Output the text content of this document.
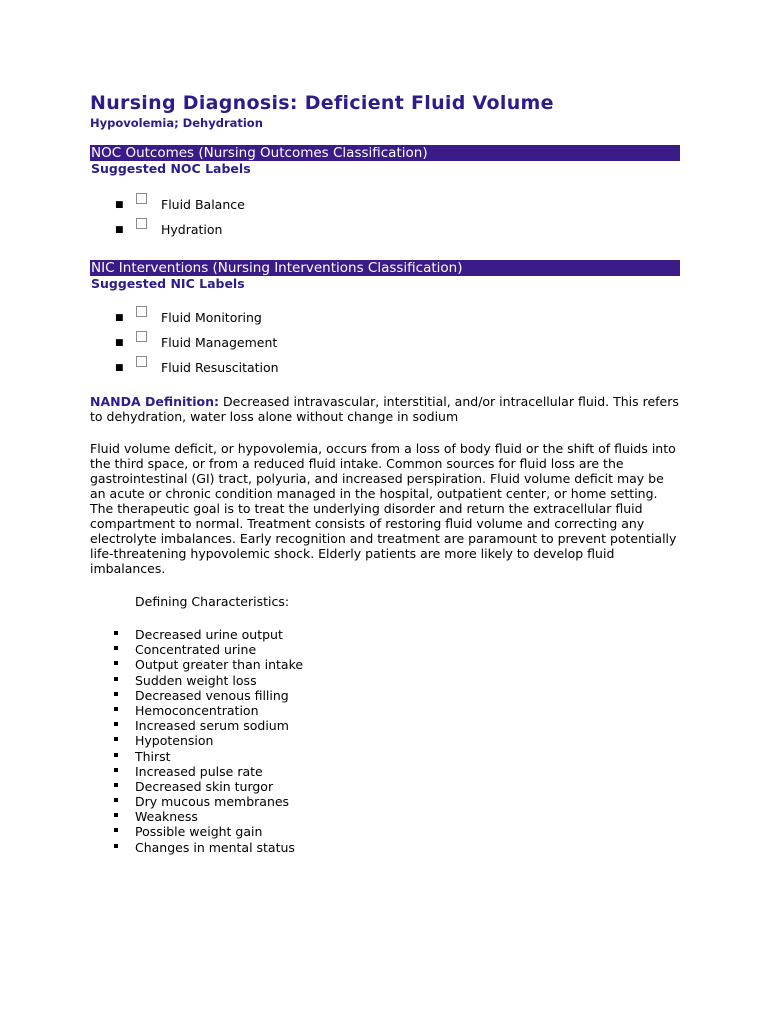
Nursing Diagnosis: Deficient Fluid Volume
Hypovolemia; Dehydration
NOC Outcomes (Nursing Outcomes Classification)
Suggested NOC Labels
■	Fluid Balance
■	Hydration
NIC Interventions (Nursing Interventions Classification)
Suggested NIC Labels
■	Fluid Monitoring
■	Fluid Management
■	Fluid Resuscitation

NANDA Definition: Decreased intravascular, interstitial, and/or intracellular fluid. This refers to dehydration, water loss alone without change in sodium

Fluid volume deficit, or hypovolemia, occurs from a loss of body fluid or the shift of fluids into the third space, or from a reduced fluid intake. Common sources for fluid loss are the gastrointestinal (GI) tract, polyuria, and increased perspiration. Fluid volume deficit may be an acute or chronic condition managed in the hospital, outpatient center, or home setting. The therapeutic goal is to treat the underlying disorder and return the extracellular fluid compartment to normal. Treatment consists of restoring fluid volume and correcting any electrolyte imbalances. Early recognition and treatment are paramount to prevent potentially life-threatening hypovolemic shock. Elderly patients are more likely to develop fluid imbalances.

Defining Characteristics:
Decreased urine output
Concentrated urine
Output greater than intake
Sudden weight loss
Decreased venous filling
Hemoconcentration
Increased serum sodium
Hypotension
Thirst
Increased pulse rate
Decreased skin turgor
Dry mucous membranes
Weakness
Possible weight gain
Changes in mental status
